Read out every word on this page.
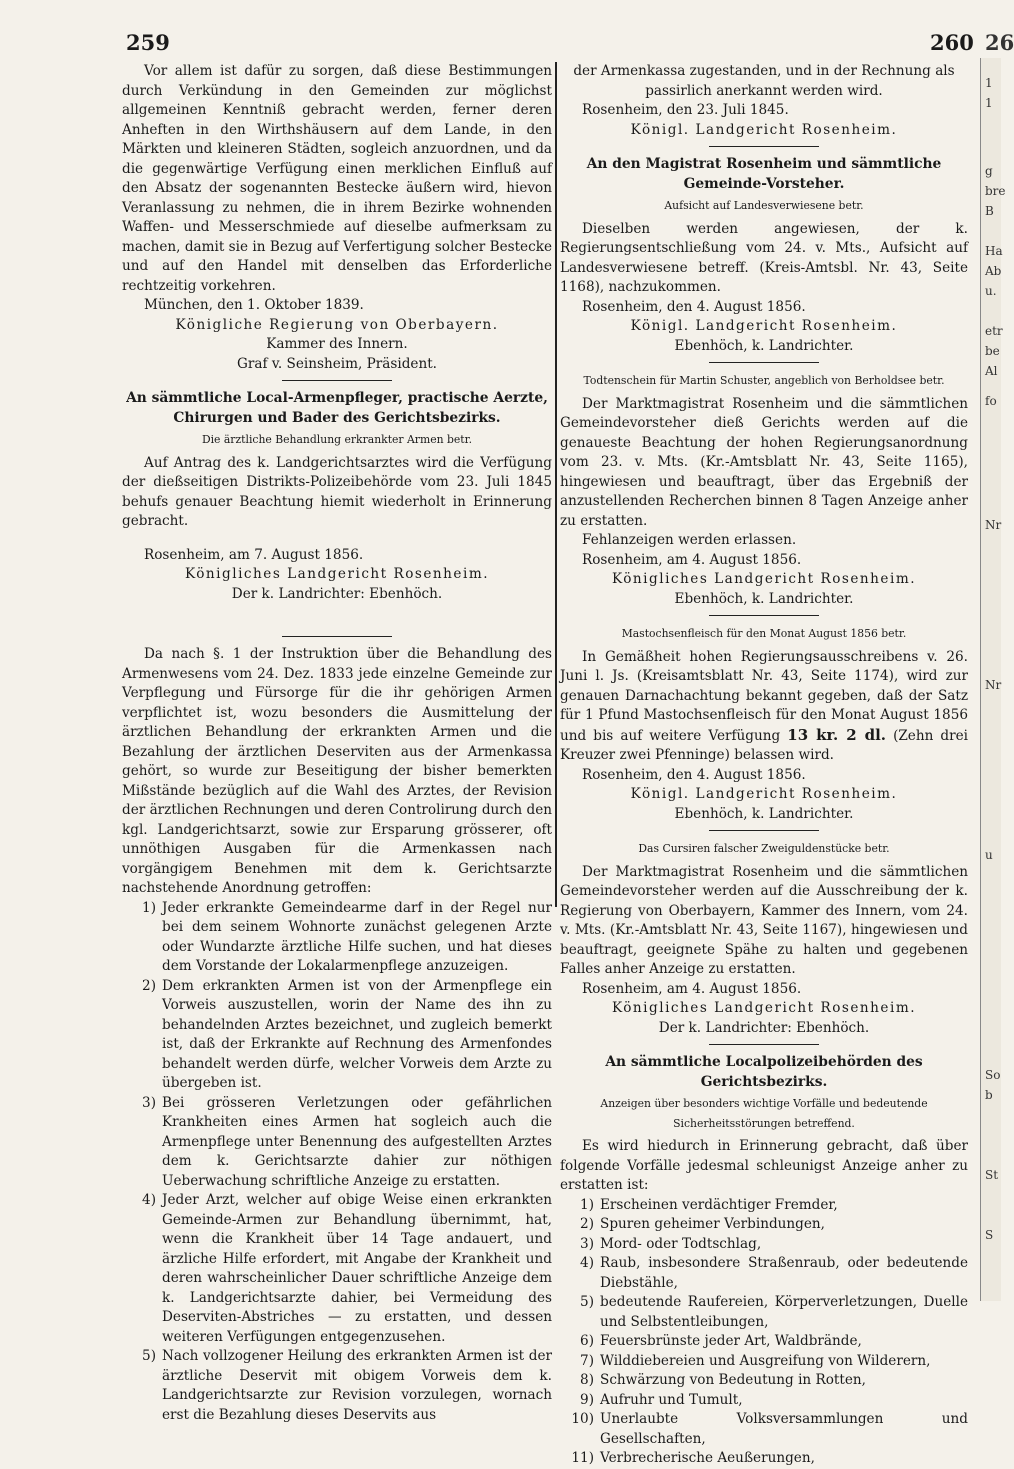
259	260 26

Vor allem ist dafür zu sorgen, daß diese Bestimmungen durch Verkündung in den Gemeinden zur möglichst allgemeinen Kenntniß gebracht werden, ferner deren Anheften in den Wirthshäusern auf dem Lande, in den Märkten und kleineren Städten, sogleich anzuordnen, und da die gegenwärtige Verfügung einen merklichen Einfluß auf den Absatz der sogenannten Bestecke äußern wird, hievon Veranlassung zu nehmen, die in ihrem Bezirke wohnenden Waffen- und Messerschmiede auf dieselbe aufmerksam zu machen, damit sie in Bezug auf Verfertigung solcher Bestecke und auf den Handel mit denselben das Erforderliche rechtzeitig vorkehren.

München, den 1. Oktober 1839.

Königliche Regierung von Oberbayern.

Kammer des Innern.

Graf v. Seinsheim, Präsident.

An sämmtliche Local-Armenpfleger, practische Aerzte, Chirurgen und Bader des Gerichtsbezirks.

Die ärztliche Behandlung erkrankter Armen betr.

Auf Antrag des k. Landgerichtsarztes wird die Verfügung der dießseitigen Distrikts-Polizeibehörde vom 23. Juli 1845 behufs genauer Beachtung hiemit wiederholt in Erinnerung gebracht.

Rosenheim, am 7. August 1856.

Königliches Landgericht Rosenheim.

Der k. Landrichter: Ebenhöch.

Da nach §. 1 der Instruktion über die Behandlung des Armenwesens vom 24. Dez. 1833 jede einzelne Gemeinde zur Verpflegung und Fürsorge für die ihr gehörigen Armen verpflichtet ist, wozu besonders die Ausmittelung der ärztlichen Behandlung der erkrankten Armen und die Bezahlung der ärztlichen Deserviten aus der Armenkassa gehört, so wurde zur Beseitigung der bisher bemerkten Mißstände bezüglich auf die Wahl des Arztes, der Revision der ärztlichen Rechnungen und deren Controlirung durch den kgl. Landgerichtsarzt, sowie zur Ersparung grösserer, oft unnöthigen Ausgaben für die Armenkassen nach vorgängigem Benehmen mit dem k. Gerichtsarzte nachstehende Anordnung getroffen:

1) Jeder erkrankte Gemeindearme darf in der Regel nur bei dem seinem Wohnorte zunächst gelegenen Arzte oder Wundarzte ärztliche Hilfe suchen, und hat dieses dem Vorstande der Lokalarmenpflege anzuzeigen.
2) Dem erkrankten Armen ist von der Armenpflege ein Vorweis auszustellen, worin der Name des ihn zu behandelnden Arztes bezeichnet, und zugleich bemerkt ist, daß der Erkrankte auf Rechnung des Armenfondes behandelt werden dürfe, welcher Vorweis dem Arzte zu übergeben ist.
3) Bei grösseren Verletzungen oder gefährlichen Krankheiten eines Armen hat sogleich auch die Armenpflege unter Benennung des aufgestellten Arztes dem k. Gerichtsarzte dahier zur nöthigen Ueberwachung schriftliche Anzeige zu erstatten.
4) Jeder Arzt, welcher auf obige Weise einen erkrankten Gemeinde-Armen zur Behandlung übernimmt, hat, wenn die Krankheit über 14 Tage andauert, und ärzliche Hilfe erfordert, mit Angabe der Krankheit und deren wahrscheinlicher Dauer schriftliche Anzeige dem k. Landgerichtsarzte dahier, bei Vermeidung des Deserviten-Abstriches — zu erstatten, und dessen weiteren Verfügungen entgegenzusehen.
5) Nach vollzogener Heilung des erkrankten Armen ist der ärztliche Deservit mit obigem Vorweis dem k. Landgerichtsarzte zur Revision vorzulegen, wornach erst die Bezahlung dieses Deservits aus

der Armenkassa zugestanden, und in der Rechnung als passirlich anerkannt werden wird.

Rosenheim, den 23. Juli 1845.

Königl. Landgericht Rosenheim.

An den Magistrat Rosenheim und sämmtliche Gemeinde-Vorsteher.

Aufsicht auf Landesverwiesene betr.

Dieselben werden angewiesen, der k. Regierungsentschließung vom 24. v. Mts., Aufsicht auf Landesverwiesene betreff. (Kreis-Amtsbl. Nr. 43, Seite 1168), nachzukommen.

Rosenheim, den 4. August 1856.

Königl. Landgericht Rosenheim.

Ebenhöch, k. Landrichter.

Todtenschein für Martin Schuster, angeblich von Berholdsee betr.

Der Marktmagistrat Rosenheim und die sämmtlichen Gemeindevorsteher dieß Gerichts werden auf die genaueste Beachtung der hohen Regierungsanordnung vom 23. v. Mts. (Kr.-Amtsblatt Nr. 43, Seite 1165), hingewiesen und beauftragt, über das Ergebniß der anzustellenden Recherchen binnen 8 Tagen Anzeige anher zu erstatten.

Fehlanzeigen werden erlassen.

Rosenheim, am 4. August 1856.

Königliches Landgericht Rosenheim.

Ebenhöch, k. Landrichter.

Mastochsenfleisch für den Monat August 1856 betr.

In Gemäßheit hohen Regierungsausschreibens v. 26. Juni l. Js. (Kreisamtsblatt Nr. 43, Seite 1174), wird zur genauen Darnachachtung bekannt gegeben, daß der Satz für 1 Pfund Mastochsenfleisch für den Monat August 1856 und bis auf weitere Verfügung 13 kr. 2 dl. (Zehn drei Kreuzer zwei Pfenninge) belassen wird.

Rosenheim, den 4. August 1856.

Königl. Landgericht Rosenheim.

Ebenhöch, k. Landrichter.

Das Cursiren falscher Zweiguldenstücke betr.

Der Marktmagistrat Rosenheim und die sämmtlichen Gemeindevorsteher werden auf die Ausschreibung der k. Regierung von Oberbayern, Kammer des Innern, vom 24. v. Mts. (Kr.-Amtsblatt Nr. 43, Seite 1167), hingewiesen und beauftragt, geeignete Spähe zu halten und gegebenen Falles anher Anzeige zu erstatten.

Rosenheim, am 4. August 1856.

Königliches Landgericht Rosenheim.

Der k. Landrichter: Ebenhöch.

An sämmtliche Localpolizeibehörden des Gerichtsbezirks.

Anzeigen über besonders wichtige Vorfälle und bedeutende Sicherheitsstörungen betreffend.

Es wird hiedurch in Erinnerung gebracht, daß über folgende Vorfälle jedesmal schleunigst Anzeige anher zu erstatten ist:

1) Erscheinen verdächtiger Fremder,
2) Spuren geheimer Verbindungen,
3) Mord- oder Todtschlag,
4) Raub, insbesondere Straßenraub, oder bedeutende Diebstähle,
5) bedeutende Raufereien, Körperverletzungen, Duelle und Selbstentleibungen,
6) Feuersbrünste jeder Art, Waldbrände,
7) Wilddiebereien und Ausgreifung von Wilderern,
8) Schwärzung von Bedeutung in Rotten,
9) Aufruhr und Tumult,
10) Unerlaubte Volksversammlungen und Gesellschaften,
11) Verbrecherische Aeußerungen,
1
1
g
bre
B
Ha
Ab
u.
etr
be
Al
fo
Nr
Nr
u
So
b
St
S
